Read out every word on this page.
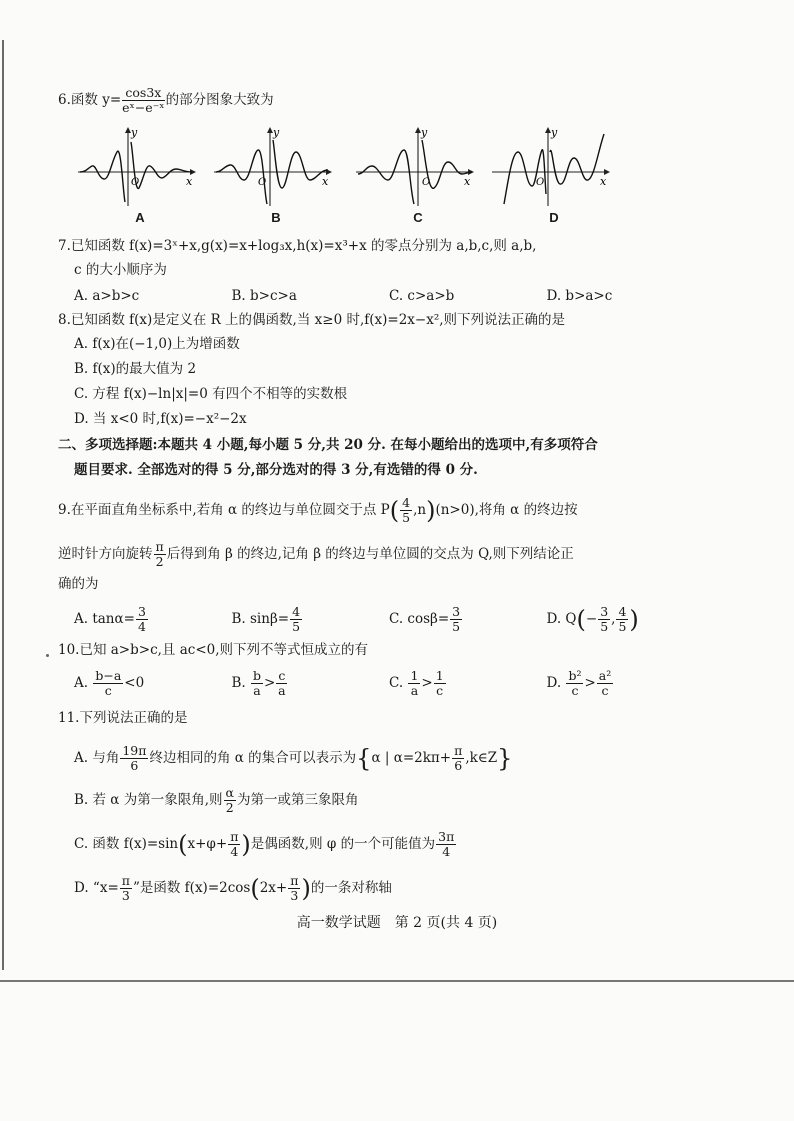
6.函数 $y= \frac{\cos 3x}{\text{eˣ−e⁻ˣ}}$ 的部分图象大致为
y
x
O
A
y
x
O
B
y
x
O
C
y
x
O
D
7.已知函数 f(x)=3ˣ+x,g(x)=x+log₃x,h(x)=x³+x 的零点分别为 a,b,c,则 a,b,
c 的大小顺序为
A. a>b>c	B. b>c>a	C. c>a>b	D. b>a>c
8.已知函数 f(x)是定义在 R 上的偶函数,当 x≥0 时,f(x)=2x−x²,则下列说法正确的是
A. f(x)在(−1,0)上为增函数
B. f(x)的最大值为 2
C. 方程 f(x)−ln|x|=0 有四个不相等的实数根
D. 当 x<0 时,f(x)=−x²−2x
二、多项选择题:本题共 4 小题,每小题 5 分,共 20 分. 在每小题给出的选项中,有多项符合
题目要求. 全部选对的得 5 分,部分选对的得 3 分,有选错的得 0 分.
9.在平面直角坐标系中,若角 α 的终边与单位圆交于点 $P( \frac{4}{5} ,n)(n>0)$,将角 α 的终边按
逆时针方向旋转 $\frac{\pi}{2}$ 后得到角 β 的终边,记角 β 的终边与单位圆的交点为 Q,则下列结论正
确的为
A. $\tan\alpha= \frac{3}{4}$	B. $\sin\beta= \frac{4}{5}$	C. $\cos\beta= \frac{3}{5}$	D. $Q(- \frac{3}{5}$ , $\frac{4}{5}$ )
10.已知 a>b>c,且 ac<0,则下列不等式恒成立的有
A. $\frac{b-a}{c} <0$	B. $\frac{b}{a} > \frac{c}{a}$	C. $\frac{1}{a} > \frac{1}{c}$	D. $\frac{\text{b²}}{c} > \frac{\text{a²}}{c}$
11.下列说法正确的是
A. 与角 $\frac{19\pi}{6}$ 终边相同的角 α 的集合可以表示为{α | $\alpha=2k\pi+ \frac{\pi}{6}$ ,k∈Z}
B. 若 α 为第一象限角,则 $\frac{\alpha}{2}$ 为第一或第三象限角
C. 函数 $f(x)=\sin(x+\varphi+ \frac{\pi}{4}$ )是偶函数,则 φ 的一个可能值为 $\frac{3\pi}{4}$
D. “$x= \frac{\pi}{3}$ ”是函数 $f(x)=2\cos(2x+ \frac{\pi}{3}$ )的一条对称轴
高一数学试题　第 2 页(共 4 页)
